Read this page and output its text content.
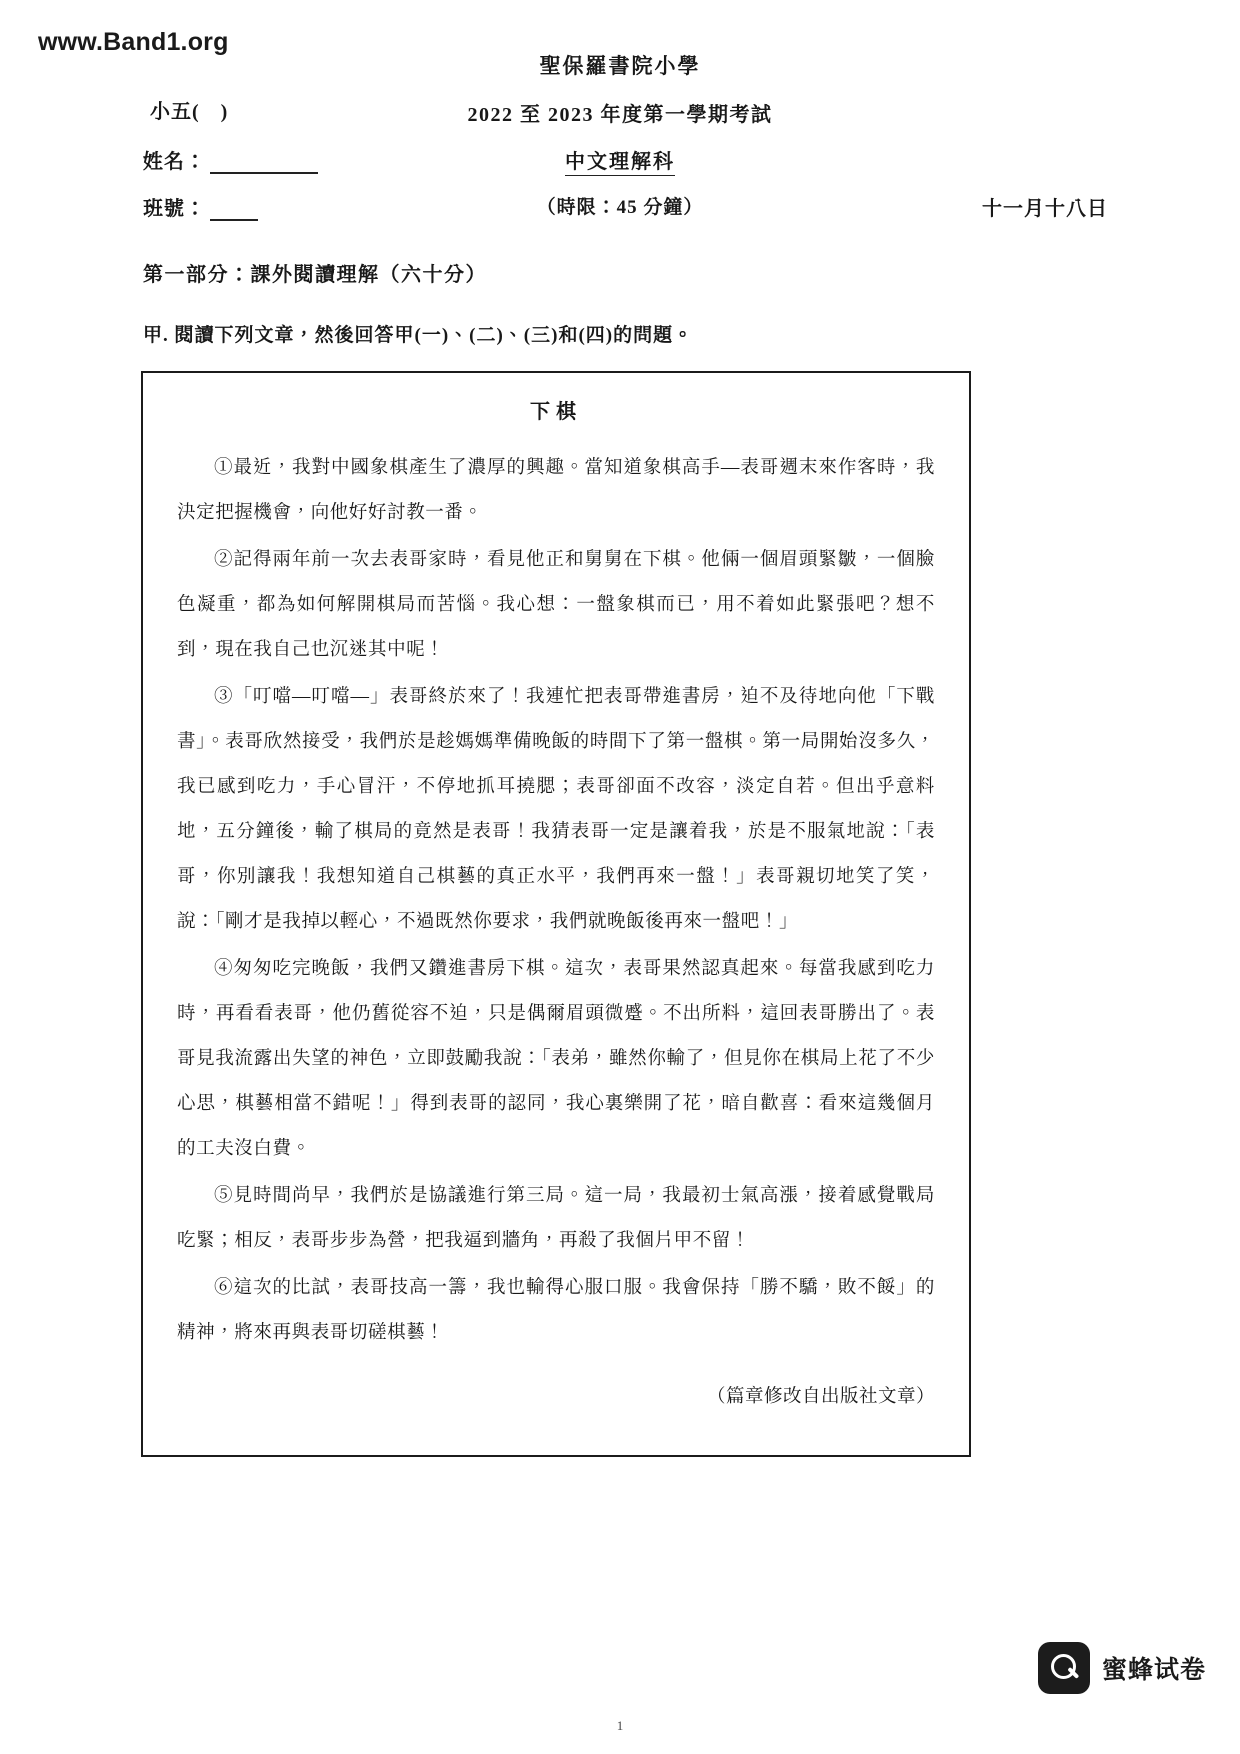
www.Band1.org
聖保羅書院小學
2022 至 2023 年度第一學期考試
中文理解科
（時限：45 分鐘）
小五(　)
姓名：
班號：	十一月十八日
第一部分：課外閱讀理解（六十分）
甲. 閱讀下列文章，然後回答甲(一)、(二)、(三)和(四)的問題。
下棋

①最近，我對中國象棋產生了濃厚的興趣。當知道象棋高手—表哥週末來作客時，我決定把握機會，向他好好討教一番。

②記得兩年前一次去表哥家時，看見他正和舅舅在下棋。他倆一個眉頭緊皺，一個臉色凝重，都為如何解開棋局而苦惱。我心想：一盤象棋而已，用不着如此緊張吧？想不到，現在我自己也沉迷其中呢！

③「叮噹—叮噹—」表哥終於來了！我連忙把表哥帶進書房，迫不及待地向他「下戰書」。表哥欣然接受，我們於是趁媽媽準備晚飯的時間下了第一盤棋。第一局開始沒多久，我已感到吃力，手心冒汗，不停地抓耳撓腮；表哥卻面不改容，淡定自若。但出乎意料地，五分鐘後，輸了棋局的竟然是表哥！我猜表哥一定是讓着我，於是不服氣地說：「表哥，你別讓我！我想知道自己棋藝的真正水平，我們再來一盤！」表哥親切地笑了笑，說：「剛才是我掉以輕心，不過既然你要求，我們就晚飯後再來一盤吧！」

④匆匆吃完晚飯，我們又鑽進書房下棋。這次，表哥果然認真起來。每當我感到吃力時，再看看表哥，他仍舊從容不迫，只是偶爾眉頭微蹙。不出所料，這回表哥勝出了。表哥見我流露出失望的神色，立即鼓勵我說：「表弟，雖然你輸了，但見你在棋局上花了不少心思，棋藝相當不錯呢！」得到表哥的認同，我心裏樂開了花，暗自歡喜：看來這幾個月的工夫沒白費。

⑤見時間尚早，我們於是協議進行第三局。這一局，我最初士氣高漲，接着感覺戰局吃緊；相反，表哥步步為營，把我逼到牆角，再殺了我個片甲不留！

⑥這次的比試，表哥技高一籌，我也輸得心服口服。我會保持「勝不驕，敗不餒」的精神，將來再與表哥切磋棋藝！

（篇章修改自出版社文章）
1
蜜蜂试卷
